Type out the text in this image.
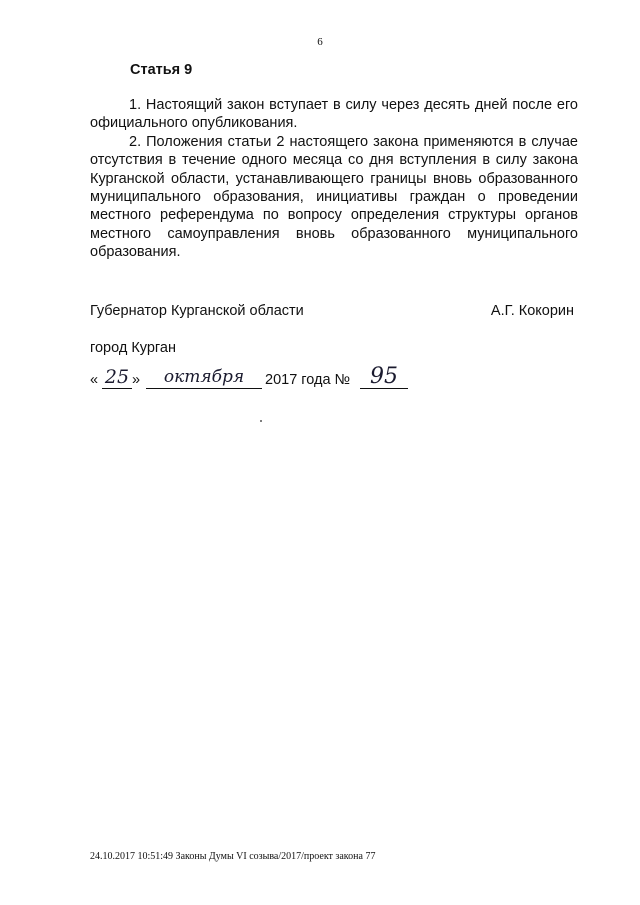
6
Статья 9

1. Настоящий закон вступает в силу через десять дней после его официального опубликования.

2. Положения статьи 2 настоящего закона применяются в случае отсутствия в течение одного месяца со дня вступления в силу закона Курганской области, устанавливающего границы вновь образованного муниципального образования, инициативы граждан о проведении местного референдума по вопросу определения структуры органов местного самоуправления вновь образованного муниципального образования.

Губернатор Курганской области	А.Г. Кокорин
город Курган
« 25 »	октября	2017 года № 95
24.10.2017 10:51:49 Законы Думы VI созыва/2017/проект закона 77
